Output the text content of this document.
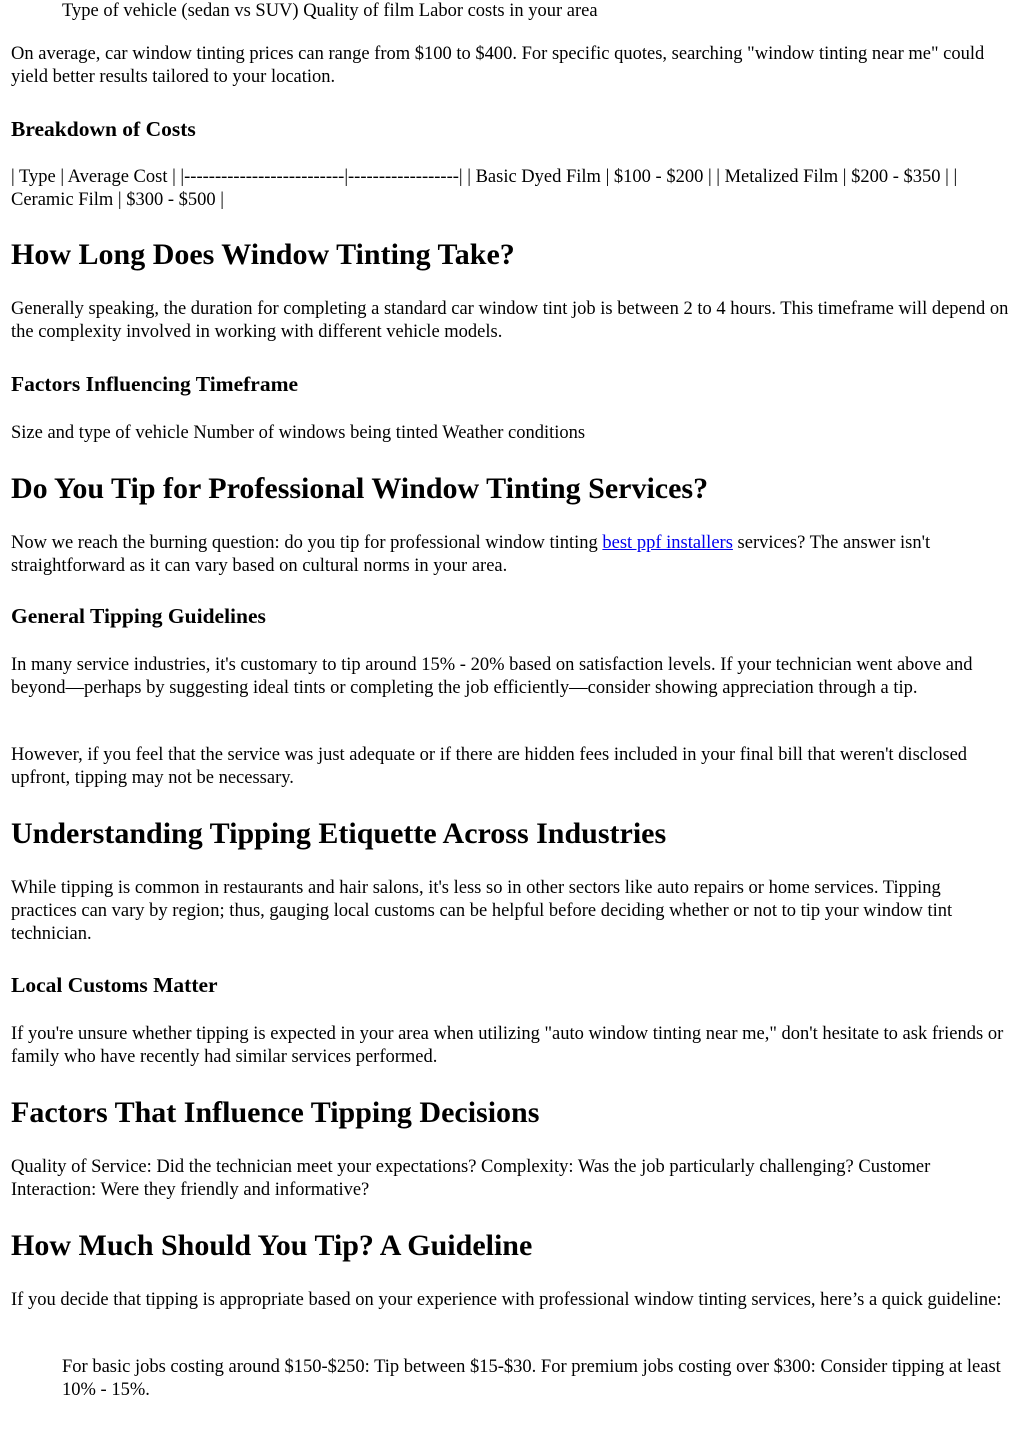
Type of vehicle (sedan vs SUV) Quality of film Labor costs in your area

On average, car window tinting prices can range from $100 to $400. For specific quotes, searching "window tinting near me" could yield better results tailored to your location.

Breakdown of Costs

| Type | Average Cost | |--------------------------|------------------| | Basic Dyed Film | $100 - $200 | | Metalized Film | $200 - $350 | | Ceramic Film | $300 - $500 |

How Long Does Window Tinting Take?

Generally speaking, the duration for completing a standard car window tint job is between 2 to 4 hours. This timeframe will depend on the complexity involved in working with different vehicle models.

Factors Influencing Timeframe

Size and type of vehicle Number of windows being tinted Weather conditions

Do You Tip for Professional Window Tinting Services?

Now we reach the burning question: do you tip for professional window tinting best ppf installers services? The answer isn't straightforward as it can vary based on cultural norms in your area.

General Tipping Guidelines

In many service industries, it's customary to tip around 15% - 20% based on satisfaction levels. If your technician went above and beyond—perhaps by suggesting ideal tints or completing the job efficiently—consider showing appreciation through a tip.

However, if you feel that the service was just adequate or if there are hidden fees included in your final bill that weren't disclosed upfront, tipping may not be necessary.

Understanding Tipping Etiquette Across Industries

While tipping is common in restaurants and hair salons, it's less so in other sectors like auto repairs or home services. Tipping practices can vary by region; thus, gauging local customs can be helpful before deciding whether or not to tip your window tint technician.

Local Customs Matter

If you're unsure whether tipping is expected in your area when utilizing "auto window tinting near me," don't hesitate to ask friends or family who have recently had similar services performed.

Factors That Influence Tipping Decisions

Quality of Service: Did the technician meet your expectations? Complexity: Was the job particularly challenging? Customer Interaction: Were they friendly and informative?

How Much Should You Tip? A Guideline

If you decide that tipping is appropriate based on your experience with professional window tinting services, here’s a quick guideline:

For basic jobs costing around $150-$250: Tip between $15-$30. For premium jobs costing over $300: Consider tipping at least 10% - 15%.
